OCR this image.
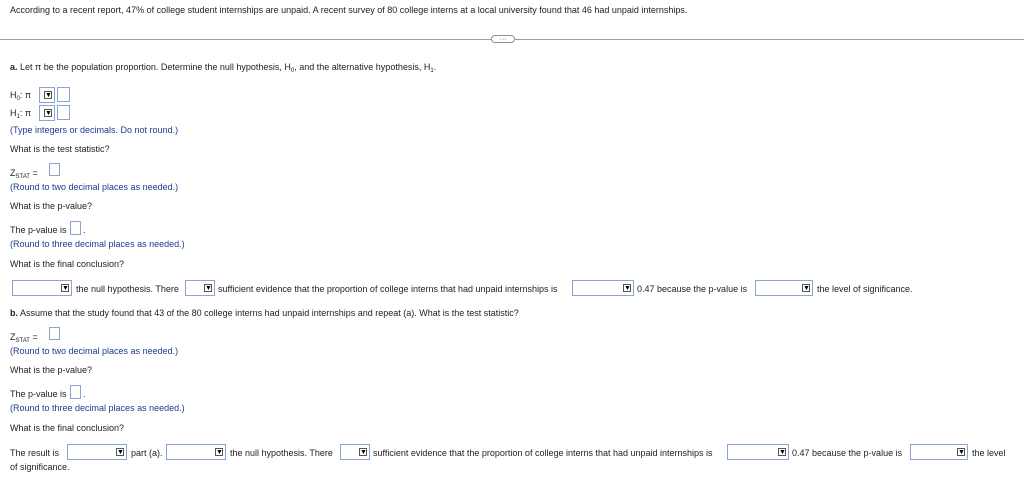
According to a recent report, 47% of college student internships are unpaid. A recent survey of 80 college interns at a local university found that 46 had unpaid internships.
···
a. Let π be the population proportion. Determine the null hypothesis, $H_0$, and the alternative hypothesis, $H_1$.
$H_0$: π ▼
$H_1$: π ▼
(Type integers or decimals. Do not round.)
What is the test statistic?
$Z_{STAT}$ =
(Round to two decimal places as needed.)
What is the p-value?
The p-value is .
(Round to three decimal places as needed.)
What is the final conclusion?
▼ the null hypothesis. There	▼ sufficient evidence that the proportion of college interns that had unpaid internships is	▼ 0.47 because the p-value is	▼ the level of significance.
b. Assume that the study found that 43 of the 80 college interns had unpaid internships and repeat (a). What is the test statistic?
$Z_{STAT}$ =
(Round to two decimal places as needed.)
What is the p-value?
The p-value is .
(Round to three decimal places as needed.)
What is the final conclusion?
The result is	▼ part (a).	▼ the null hypothesis. There	▼ sufficient evidence that the proportion of college interns that had unpaid internships is	▼ 0.47 because the p-value is	▼ the level
of significance.
